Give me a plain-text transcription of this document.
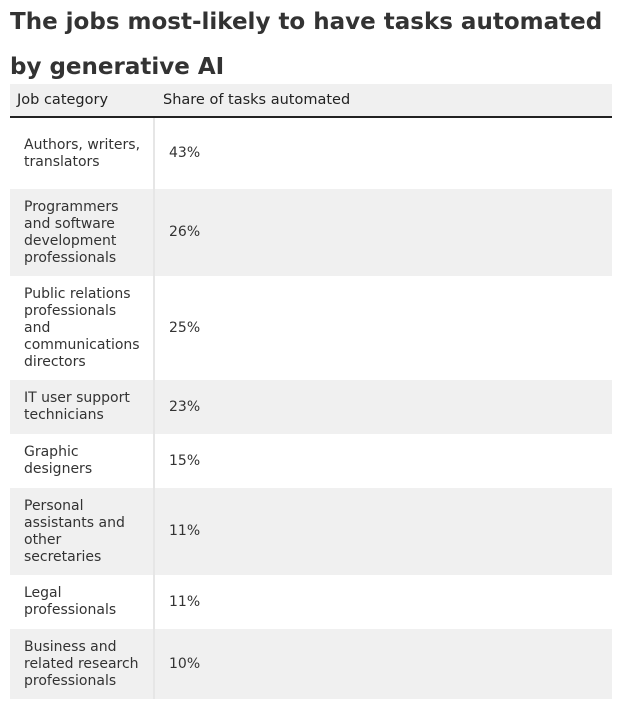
The jobs most-likely to have tasks automated by generative AI
Job category	Share of tasks automated
Authors, writers, translators	43%
Programmers and software development professionals	26%
Public relations professionals and communications directors	25%
IT user support technicians	23%
Graphic designers	15%
Personal assistants and other secretaries	11%
Legal professionals	11%
Business and related research professionals	10%
